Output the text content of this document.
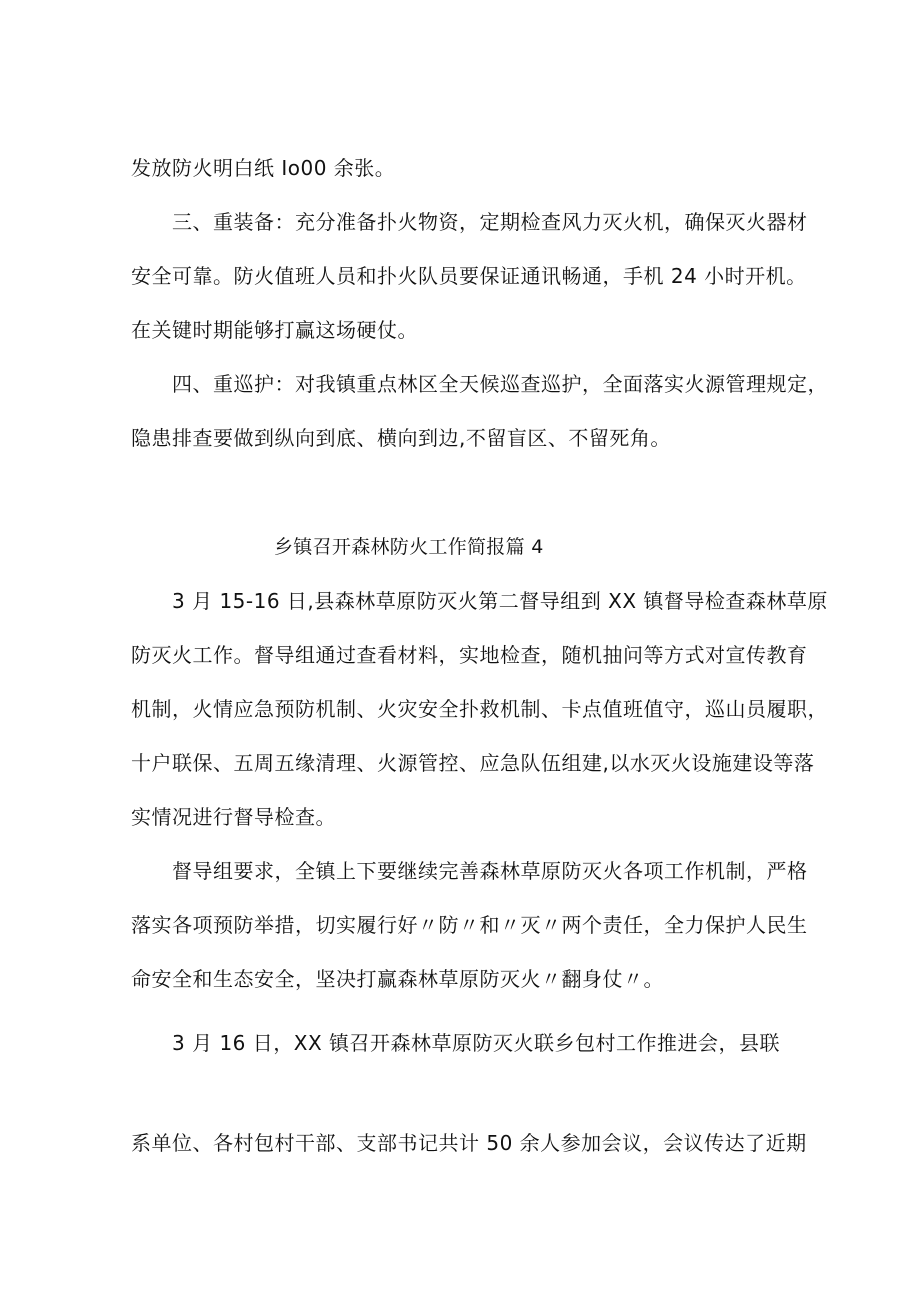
发放防火明白纸 Io00 余张。
三、重装备：充分准备扑火物资，定期检查风力灭火机，确保灭火器材
安全可靠。防火值班人员和扑火队员要保证通讯畅通，手机 24 小时开机。
在关键时期能够打赢这场硬仗。
四、重巡护：对我镇重点林区全天候巡查巡护，全面落实火源管理规定，
隐患排查要做到纵向到底、横向到边,不留盲区、不留死角。
乡镇召开森林防火工作简报篇 4
3 月 15-16 日,县森林草原防灭火第二督导组到 XX 镇督导检查森林草原
防灭火工作。督导组通过查看材料，实地检查，随机抽问等方式对宣传教育
机制，火情应急预防机制、火灾安全扑救机制、卡点值班值守，巡山员履职，
十户联保、五周五缘清理、火源管控、应急队伍组建,以水灭火设施建设等落
实情况进行督导检查。
督导组要求，全镇上下要继续完善森林草原防灭火各项工作机制，严格
落实各项预防举措，切实履行好〃防〃和〃灭〃两个责任，全力保护人民生
命安全和生态安全，坚决打赢森林草原防灭火〃翻身仗〃。
3 月 16 日，XX 镇召开森林草原防灭火联乡包村工作推进会，县联
系单位、各村包村干部、支部书记共计 50 余人参加会议，会议传达了近期
